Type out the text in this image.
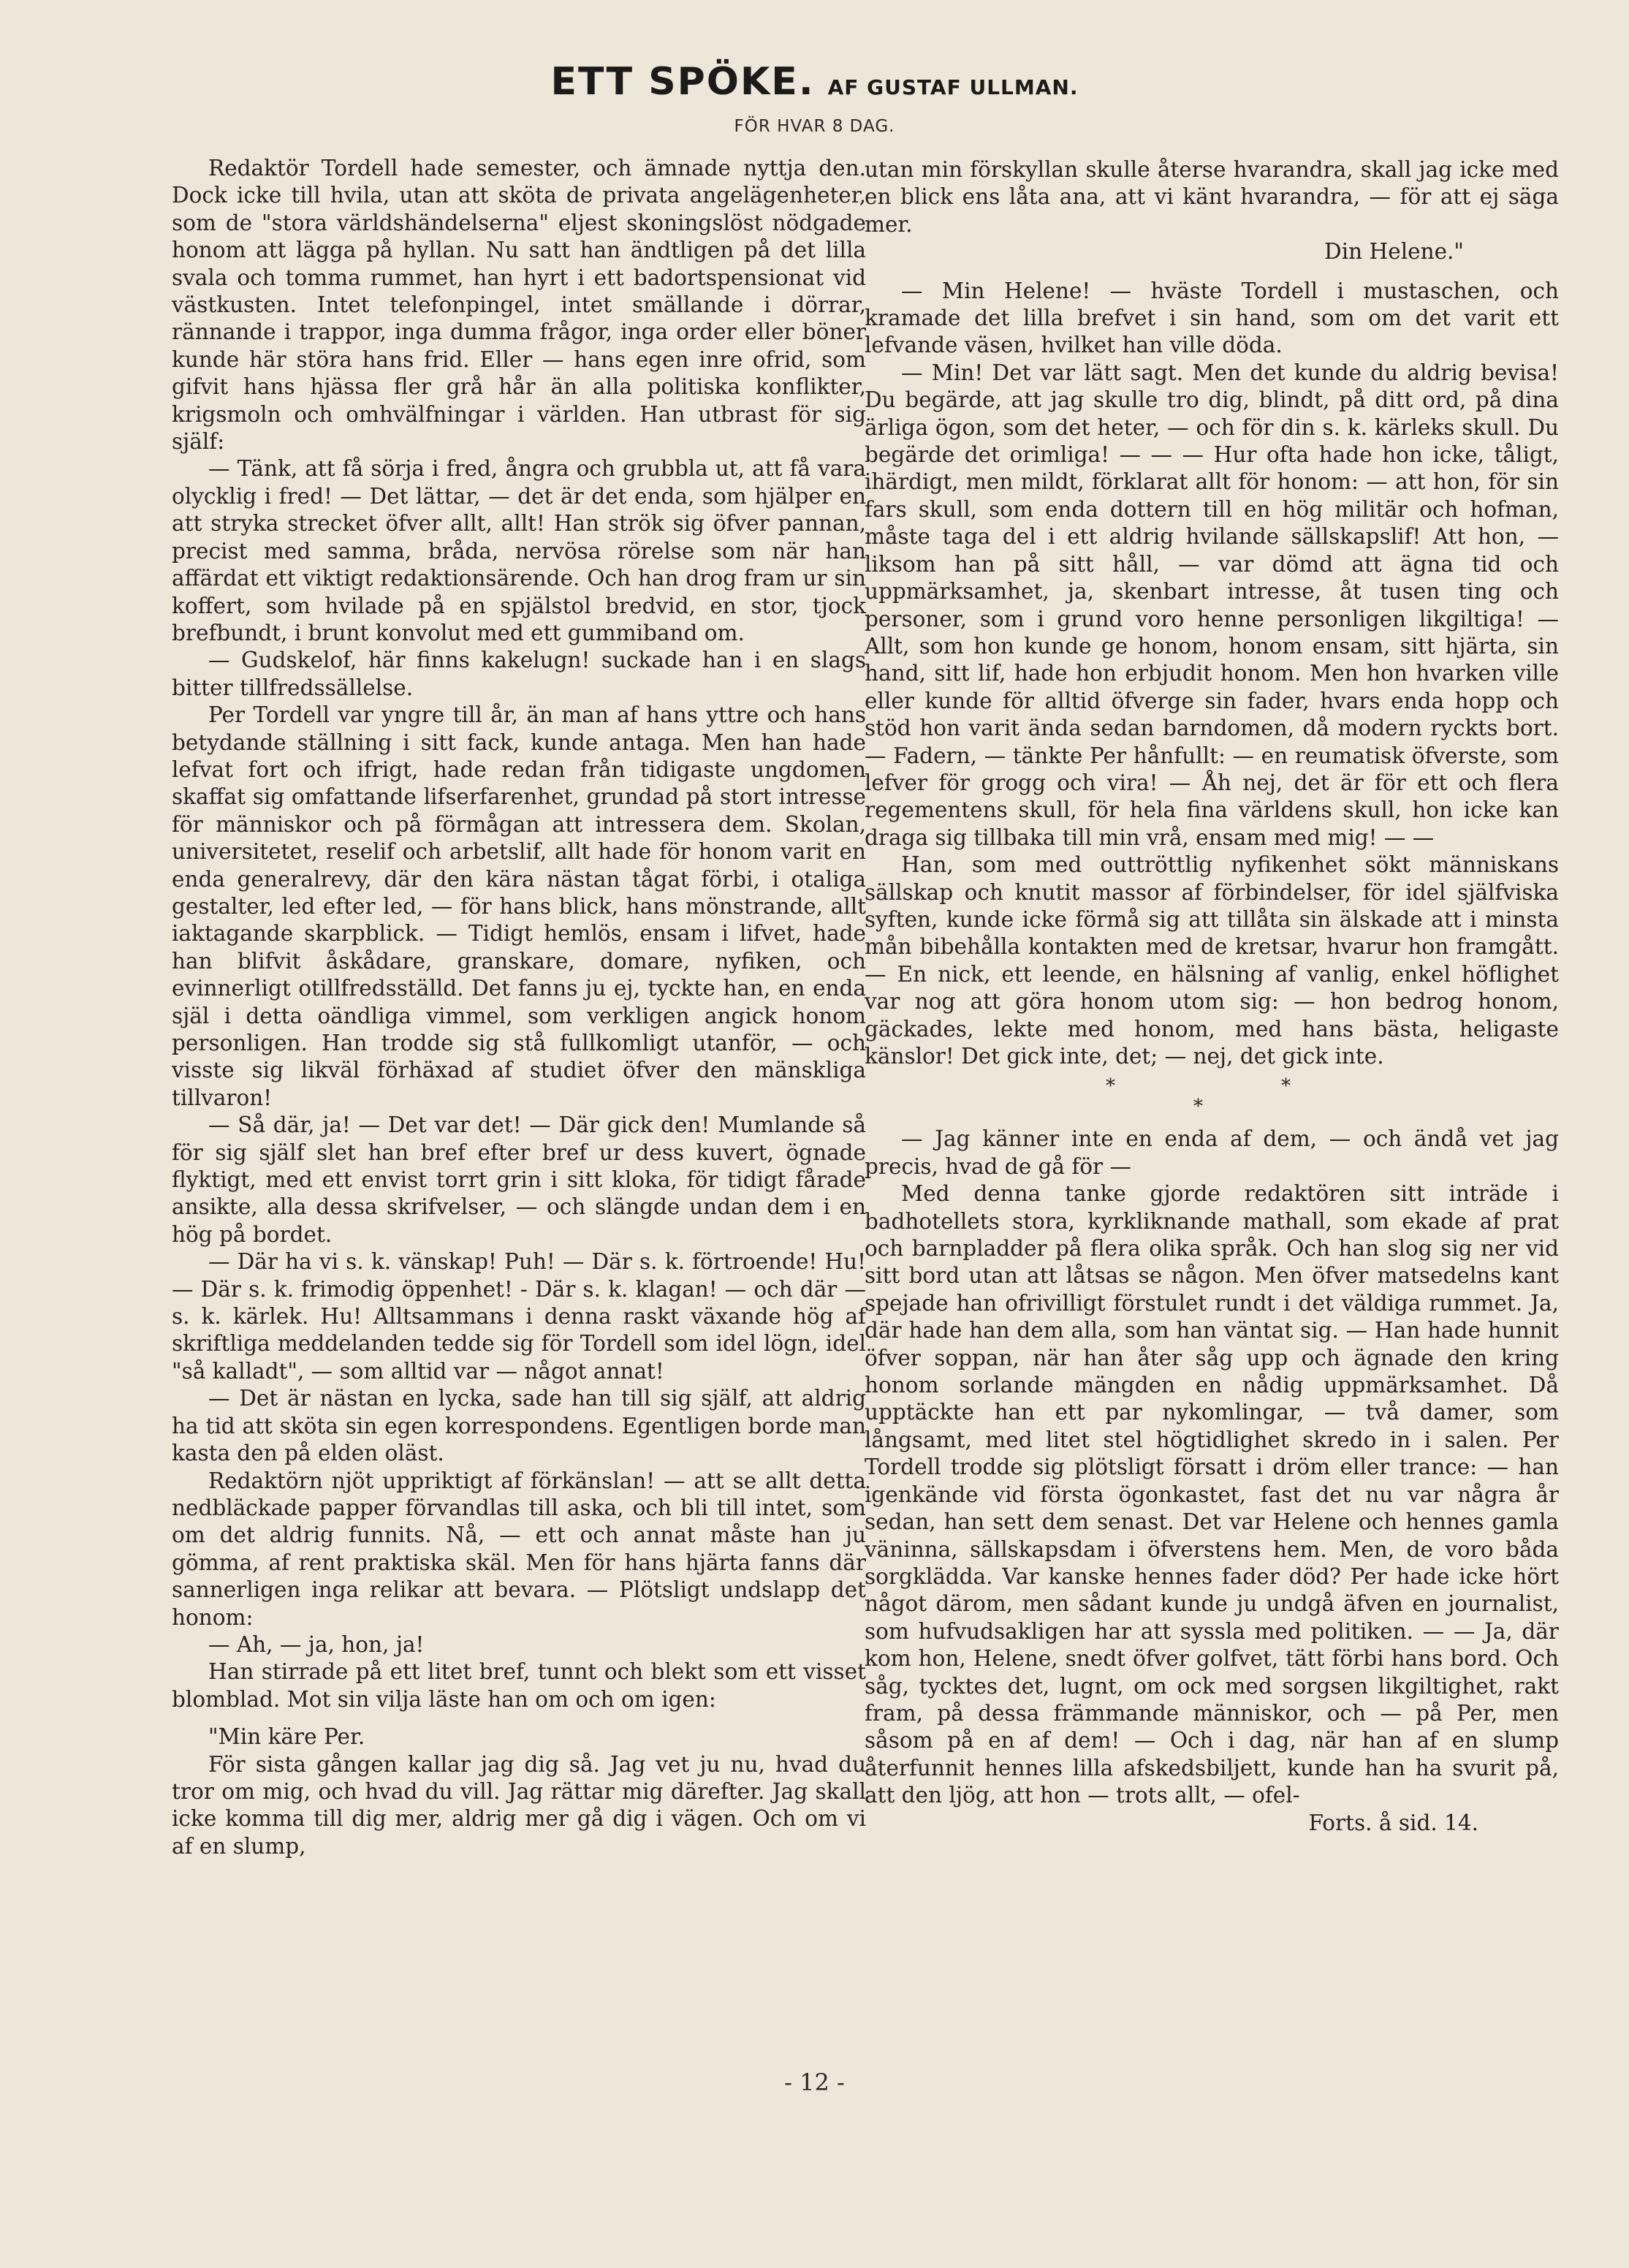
ETT SPÖKE. AF GUSTAF ULLMAN.
FÖR HVAR 8 DAG.

Redaktör Tordell hade semester, och ämnade nyttja den. Dock icke till hvila, utan att sköta de privata angelägenheter, som de "stora världshändelserna" eljest skoningslöst nödgade honom att lägga på hyllan. Nu satt han ändtligen på det lilla svala och tomma rummet, han hyrt i ett badortspensionat vid västkusten. Intet telefonpingel, intet smällande i dörrar, rännande i trappor, inga dumma frågor, inga order eller böner kunde här störa hans frid. Eller — hans egen inre ofrid, som gifvit hans hjässa fler grå hår än alla politiska konflikter, krigsmoln och omhvälfningar i världen. Han utbrast för sig själf:

— Tänk, att få sörja i fred, ångra och grubbla ut, att få vara olycklig i fred! — Det lättar, — det är det enda, som hjälper en att stryka strecket öfver allt, allt! Han strök sig öfver pannan, precist med samma, bråda, nervösa rörelse som när han affärdat ett viktigt redaktionsärende. Och han drog fram ur sin koffert, som hvilade på en spjälstol bredvid, en stor, tjock brefbundt, i brunt konvolut med ett gummiband om.

— Gudskelof, här finns kakelugn! suckade han i en slags bitter tillfredssällelse.

Per Tordell var yngre till år, än man af hans yttre och hans betydande ställning i sitt fack, kunde antaga. Men han hade lefvat fort och ifrigt, hade redan från tidigaste ungdomen skaffat sig omfattande lifserfarenhet, grundad på stort intresse för människor och på förmågan att intressera dem. Skolan, universitetet, reselif och arbetslif, allt hade för honom varit en enda generalrevy, där den kära nästan tågat förbi, i otaliga gestalter, led efter led, — för hans blick, hans mönstrande, allt iaktagande skarpblick. — Tidigt hemlös, ensam i lifvet, hade han blifvit åskådare, granskare, domare, nyfiken, och evinnerligt otillfredsställd. Det fanns ju ej, tyckte han, en enda själ i detta oändliga vimmel, som verkligen angick honom personligen. Han trodde sig stå fullkomligt utanför, — och visste sig likväl förhäxad af studiet öfver den mänskliga tillvaron!

— Så där, ja! — Det var det! — Där gick den! Mumlande så för sig själf slet han bref efter bref ur dess kuvert, ögnade flyktigt, med ett envist torrt grin i sitt kloka, för tidigt fårade ansikte, alla dessa skrifvelser, — och slängde undan dem i en hög på bordet.

— Där ha vi s. k. vänskap! Puh! — Där s. k. förtroende! Hu! — Där s. k. frimodig öppenhet! - Där s. k. klagan! — och där — s. k. kärlek. Hu! Alltsammans i denna raskt växande hög af skriftliga meddelanden tedde sig för Tordell som idel lögn, idel "så kalladt", — som alltid var — något annat!

— Det är nästan en lycka, sade han till sig själf, att aldrig ha tid att sköta sin egen korrespondens. Egentligen borde man kasta den på elden oläst.

Redaktörn njöt uppriktigt af förkänslan! — att se allt detta nedbläckade papper förvandlas till aska, och bli till intet, som om det aldrig funnits. Nå, — ett och annat måste han ju gömma, af rent praktiska skäl. Men för hans hjärta fanns där sannerligen inga relikar att bevara. — Plötsligt undslapp det honom:

— Ah, — ja, hon, ja!

Han stirrade på ett litet bref, tunnt och blekt som ett visset blomblad. Mot sin vilja läste han om och om igen:

"Min käre Per.

För sista gången kallar jag dig så. Jag vet ju nu, hvad du tror om mig, och hvad du vill. Jag rättar mig därefter. Jag skall icke komma till dig mer, aldrig mer gå dig i vägen. Och om vi af en slump,

utan min förskyllan skulle återse hvarandra, skall jag icke med en blick ens låta ana, att vi känt hvarandra, — för att ej säga mer.

Din Helene."

— Min Helene! — hväste Tordell i mustaschen, och kramade det lilla brefvet i sin hand, som om det varit ett lefvande väsen, hvilket han ville döda.

— Min! Det var lätt sagt. Men det kunde du aldrig bevisa! Du begärde, att jag skulle tro dig, blindt, på ditt ord, på dina ärliga ögon, som det heter, — och för din s. k. kärleks skull. Du begärde det orimliga! — — — Hur ofta hade hon icke, tåligt, ihärdigt, men mildt, förklarat allt för honom: — att hon, för sin fars skull, som enda dottern till en hög militär och hofman, måste taga del i ett aldrig hvilande sällskapslif! Att hon, — liksom han på sitt håll, — var dömd att ägna tid och uppmärksamhet, ja, skenbart intresse, åt tusen ting och personer, som i grund voro henne personligen likgiltiga! — Allt, som hon kunde ge honom, honom ensam, sitt hjärta, sin hand, sitt lif, hade hon erbjudit honom. Men hon hvarken ville eller kunde för alltid öfverge sin fader, hvars enda hopp och stöd hon varit ända sedan barndomen, då modern ryckts bort. — Fadern, — tänkte Per hånfullt: — en reumatisk öfverste, som lefver för grogg och vira! — Åh nej, det är för ett och flera regementens skull, för hela fina världens skull, hon icke kan draga sig tillbaka till min vrå, ensam med mig! — —

Han, som med outtröttlig nyfikenhet sökt människans sällskap och knutit massor af förbindelser, för idel själfviska syften, kunde icke förmå sig att tillåta sin älskade att i minsta mån bibehålla kontakten med de kretsar, hvarur hon framgått. — En nick, ett leende, en hälsning af vanlig, enkel höflighet var nog att göra honom utom sig: — hon bedrog honom, gäckades, lekte med honom, med hans bästa, heligaste känslor! Det gick inte, det; — nej, det gick inte.

*	*
*

— Jag känner inte en enda af dem, — och ändå vet jag precis, hvad de gå för —

Med denna tanke gjorde redaktören sitt inträde i badhotellets stora, kyrkliknande mathall, som ekade af prat och barnpladder på flera olika språk. Och han slog sig ner vid sitt bord utan att låtsas se någon. Men öfver matsedelns kant spejade han ofrivilligt förstulet rundt i det väldiga rummet. Ja, där hade han dem alla, som han väntat sig. — Han hade hunnit öfver soppan, när han åter såg upp och ägnade den kring honom sorlande mängden en nådig uppmärksamhet. Då upptäckte han ett par nykomlingar, — två damer, som långsamt, med litet stel högtidlighet skredo in i salen. Per Tordell trodde sig plötsligt försatt i dröm eller trance: — han igenkände vid första ögonkastet, fast det nu var några år sedan, han sett dem senast. Det var Helene och hennes gamla väninna, sällskapsdam i öfverstens hem. Men, de voro båda sorgklädda. Var kanske hennes fader död? Per hade icke hört något därom, men sådant kunde ju undgå äfven en journalist, som hufvudsakligen har att syssla med politiken. — — Ja, där kom hon, Helene, snedt öfver golfvet, tätt förbi hans bord. Och såg, tycktes det, lugnt, om ock med sorgsen likgiltighet, rakt fram, på dessa främmande människor, och — på Per, men såsom på en af dem! — Och i dag, när han af en slump återfunnit hennes lilla afskedsbiljett, kunde han ha svurit på, att den ljög, att hon — trots allt, — ofel-

Forts. å sid. 14.

- 12 -
